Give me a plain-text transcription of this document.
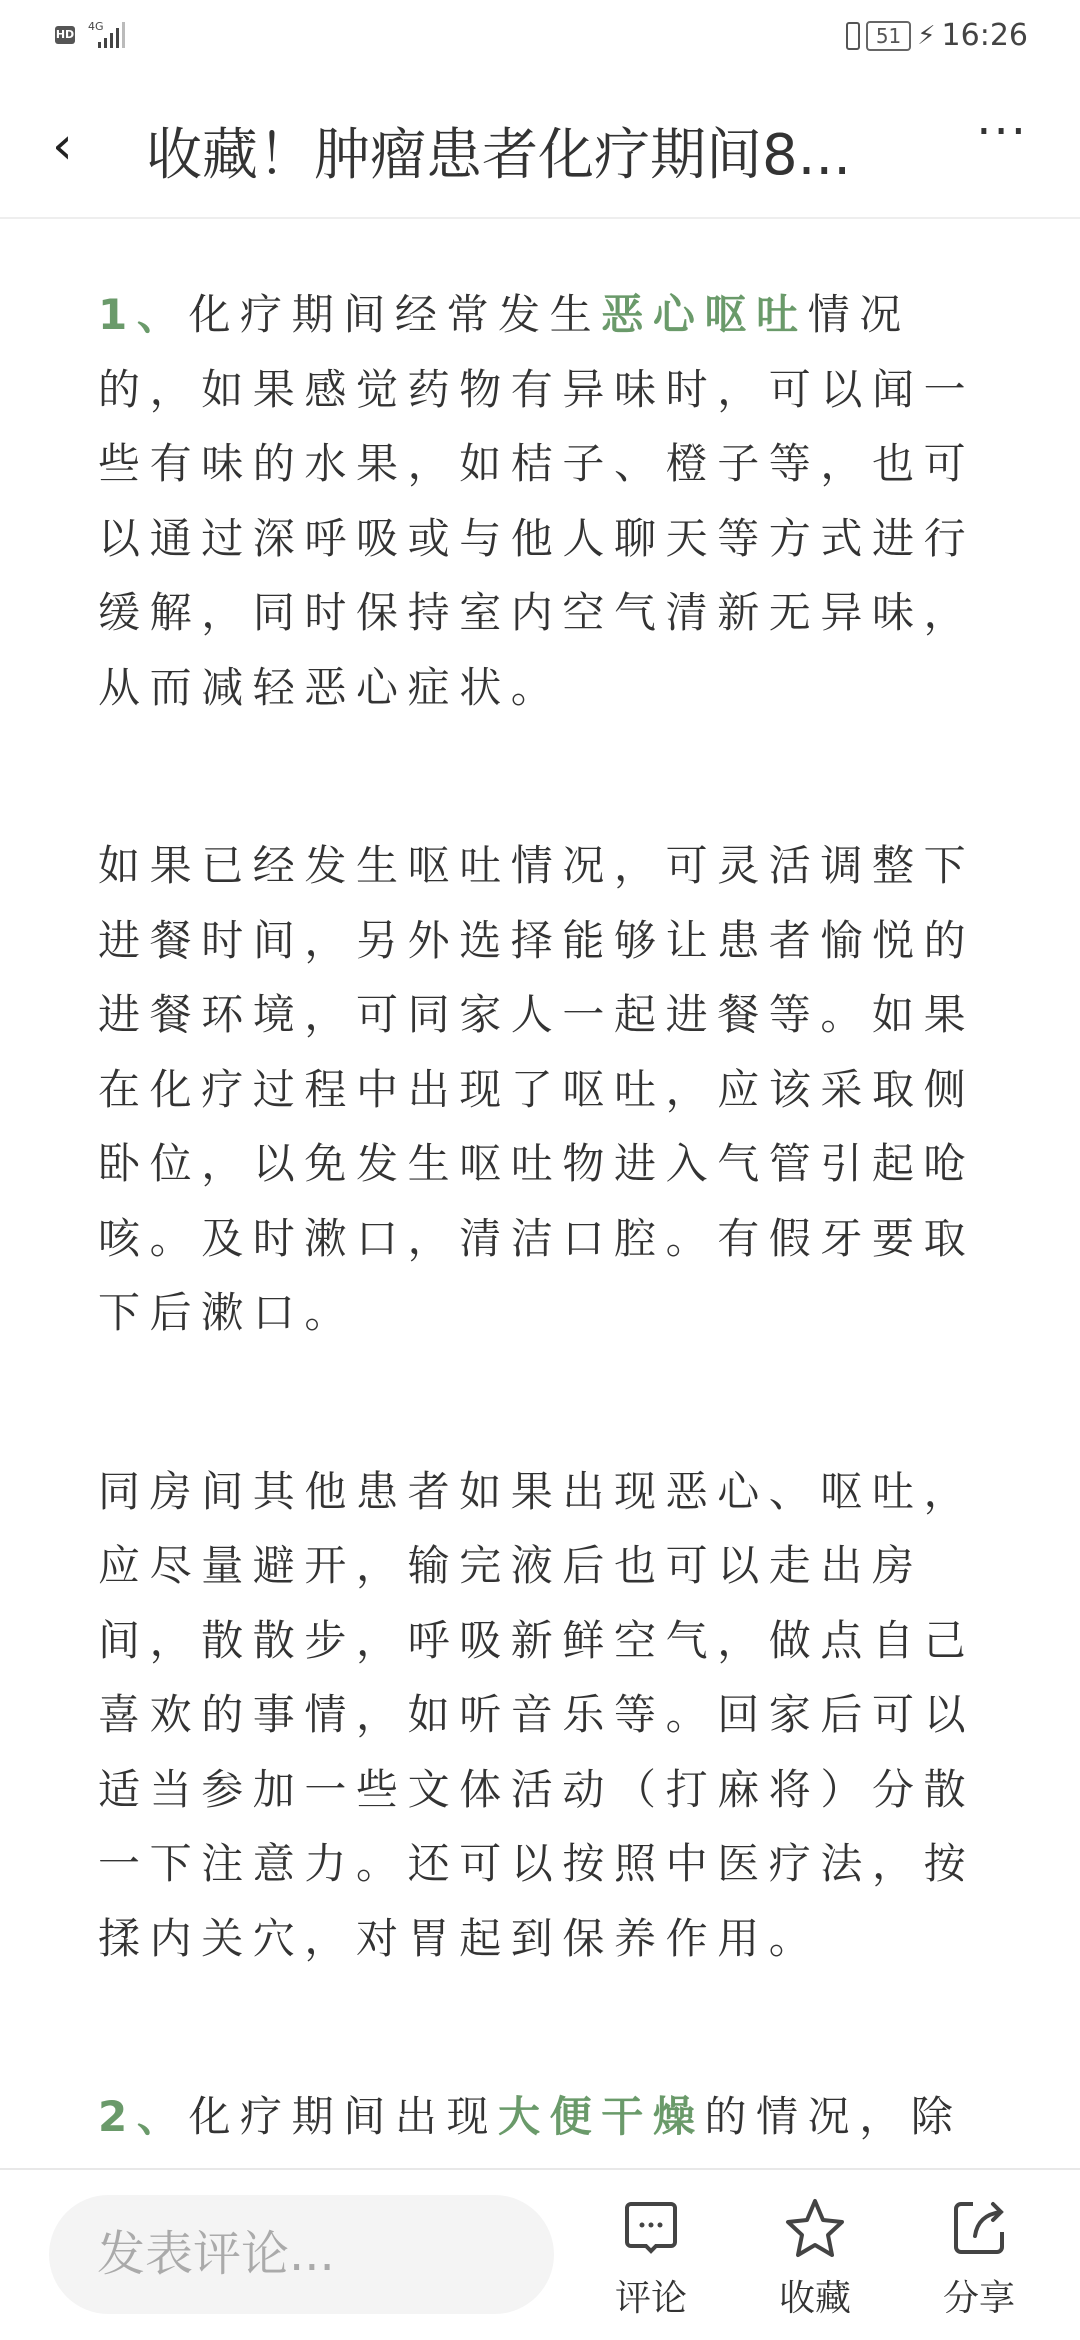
HD
4G	51 ⚡ 16:26
‹ 收藏！肿瘤患者化疗期间8...	···

1、化疗期间经常发生恶心呕吐情况的，如果感觉药物有异味时，可以闻一些有味的水果，如桔子、橙子等，也可以通过深呼吸或与他人聊天等方式进行缓解，同时保持室内空气清新无异味，从而减轻恶心症状。

如果已经发生呕吐情况，可灵活调整下进餐时间，另外选择能够让患者愉悦的进餐环境，可同家人一起进餐等。如果在化疗过程中出现了呕吐，应该采取侧卧位，以免发生呕吐物进入气管引起呛咳。及时漱口，清洁口腔。有假牙要取下后漱口。

同房间其他患者如果出现恶心、呕吐，应尽量避开，输完液后也可以走出房间，散散步，呼吸新鲜空气，做点自己喜欢的事情，如听音乐等。回家后可以适当参加一些文体活动（打麻将）分散一下注意力。还可以按照中医疗法，按揉内关穴，对胃起到保养作用。

2、化疗期间出现大便干燥的情况，除

发表评论...
评论	收藏	分享
